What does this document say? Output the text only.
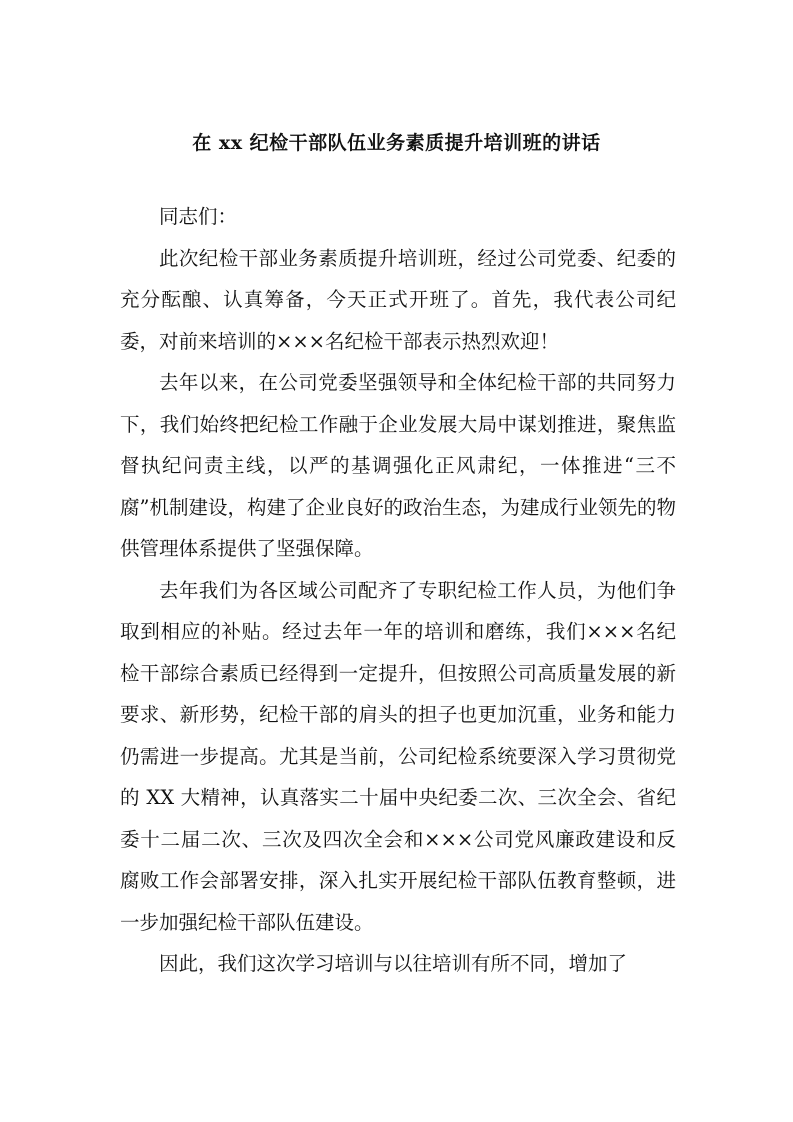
在 xx 纪检干部队伍业务素质提升培训班的讲话

同志们：

此次纪检干部业务素质提升培训班，经过公司党委、纪委的充分酝酿、认真筹备，今天正式开班了。首先，我代表公司纪委，对前来培训的×××名纪检干部表示热烈欢迎！

去年以来，在公司党委坚强领导和全体纪检干部的共同努力下，我们始终把纪检工作融于企业发展大局中谋划推进，聚焦监督执纪问责主线，以严的基调强化正风肃纪，一体推进“三不腐”机制建设，构建了企业良好的政治生态，为建成行业领先的物供管理体系提供了坚强保障。

去年我们为各区域公司配齐了专职纪检工作人员，为他们争取到相应的补贴。经过去年一年的培训和磨练，我们×××名纪检干部综合素质已经得到一定提升，但按照公司高质量发展的新要求、新形势，纪检干部的肩头的担子也更加沉重，业务和能力仍需进一步提高。尤其是当前，公司纪检系统要深入学习贯彻党的 XX 大精神，认真落实二十届中央纪委二次、三次全会、省纪委十二届二次、三次及四次全会和×××公司党风廉政建设和反腐败工作会部署安排，深入扎实开展纪检干部队伍教育整顿，进一步加强纪检干部队伍建设。

因此，我们这次学习培训与以往培训有所不同，增加了
